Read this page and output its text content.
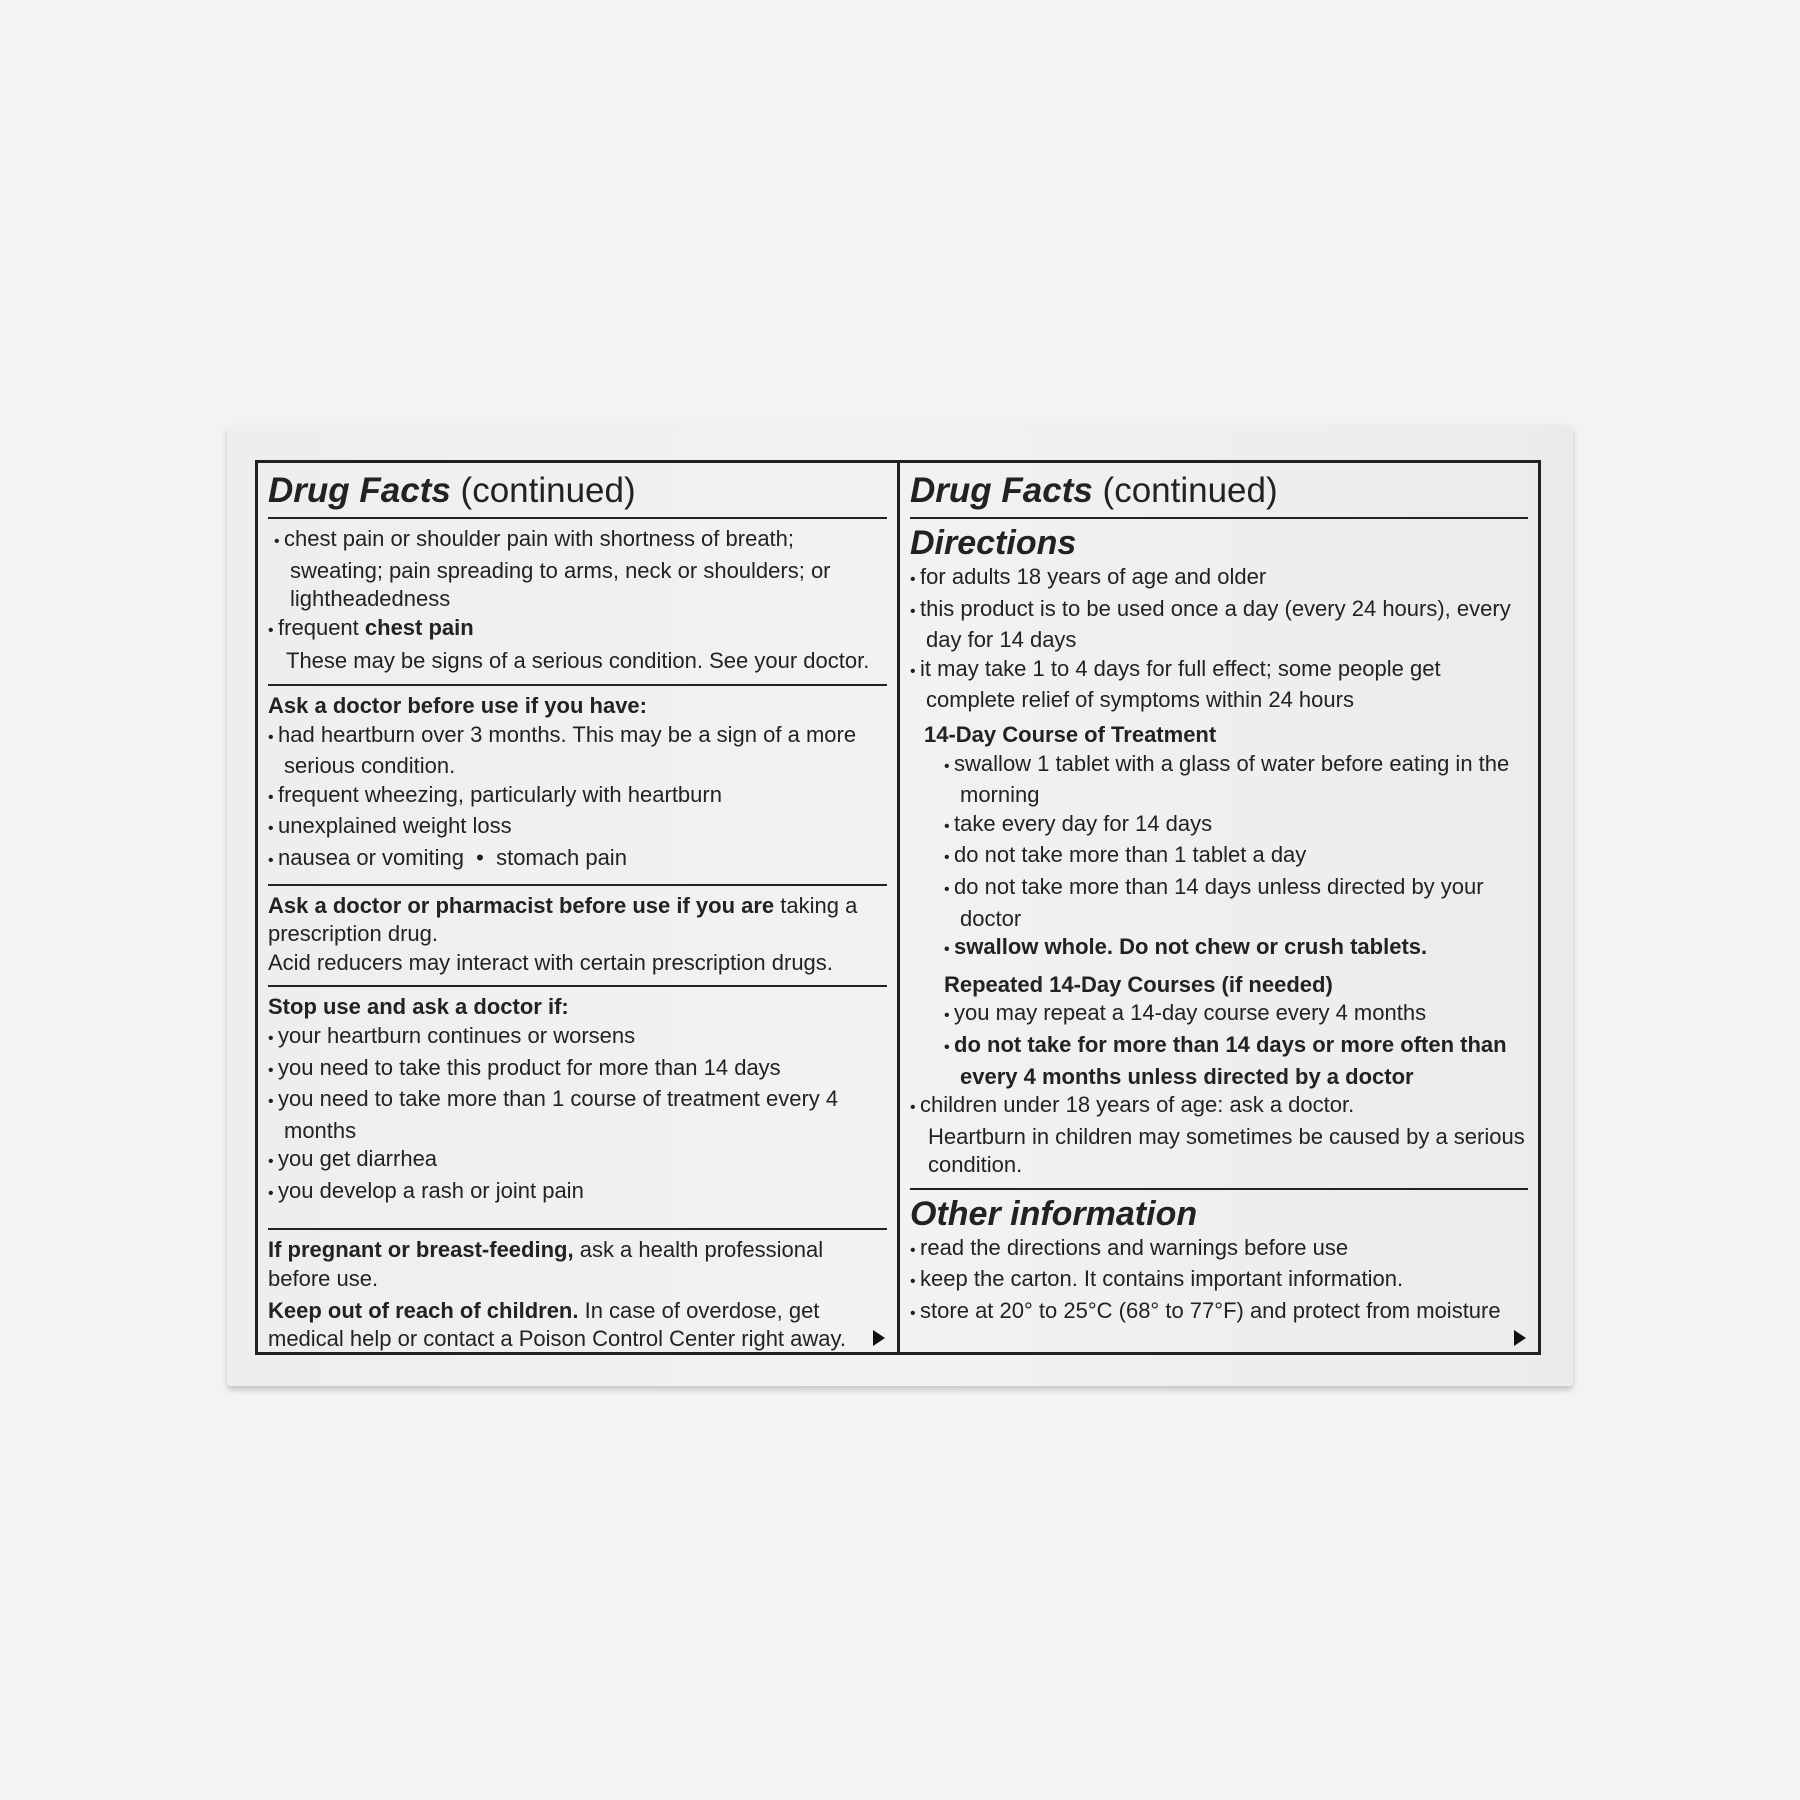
Drug Facts (continued)
• chest pain or shoulder pain with shortness of breath; sweating; pain spreading to arms, neck or shoulders; or lightheadedness
• frequent chest pain
These may be signs of a serious condition. See your doctor.
Ask a doctor before use if you have:
• had heartburn over 3 months. This may be a sign of a more serious condition.
• frequent wheezing, particularly with heartburn
• unexplained weight loss
• nausea or vomiting  •  stomach pain
Ask a doctor or pharmacist before use if you are taking a prescription drug.
Acid reducers may interact with certain prescription drugs.
Stop use and ask a doctor if:
• your heartburn continues or worsens
• you need to take this product for more than 14 days
• you need to take more than 1 course of treatment every 4 months
• you get diarrhea
• you develop a rash or joint pain
If pregnant or breast-feeding, ask a health professional before use.
Keep out of reach of children. In case of overdose, get medical help or contact a Poison Control Center right away.
Drug Facts (continued)
Directions
• for adults 18 years of age and older
• this product is to be used once a day (every 24 hours), every day for 14 days
• it may take 1 to 4 days for full effect; some people get complete relief of symptoms within 24 hours
14-Day Course of Treatment
• swallow 1 tablet with a glass of water before eating in the morning
• take every day for 14 days
• do not take more than 1 tablet a day
• do not take more than 14 days unless directed by your doctor
• swallow whole. Do not chew or crush tablets.
Repeated 14-Day Courses (if needed)
• you may repeat a 14-day course every 4 months
• do not take for more than 14 days or more often than every 4 months unless directed by a doctor
• children under 18 years of age: ask a doctor.
Heartburn in children may sometimes be caused by a serious condition.
Other information
• read the directions and warnings before use
• keep the carton. It contains important information.
• store at 20° to 25°C (68° to 77°F) and protect from moisture
